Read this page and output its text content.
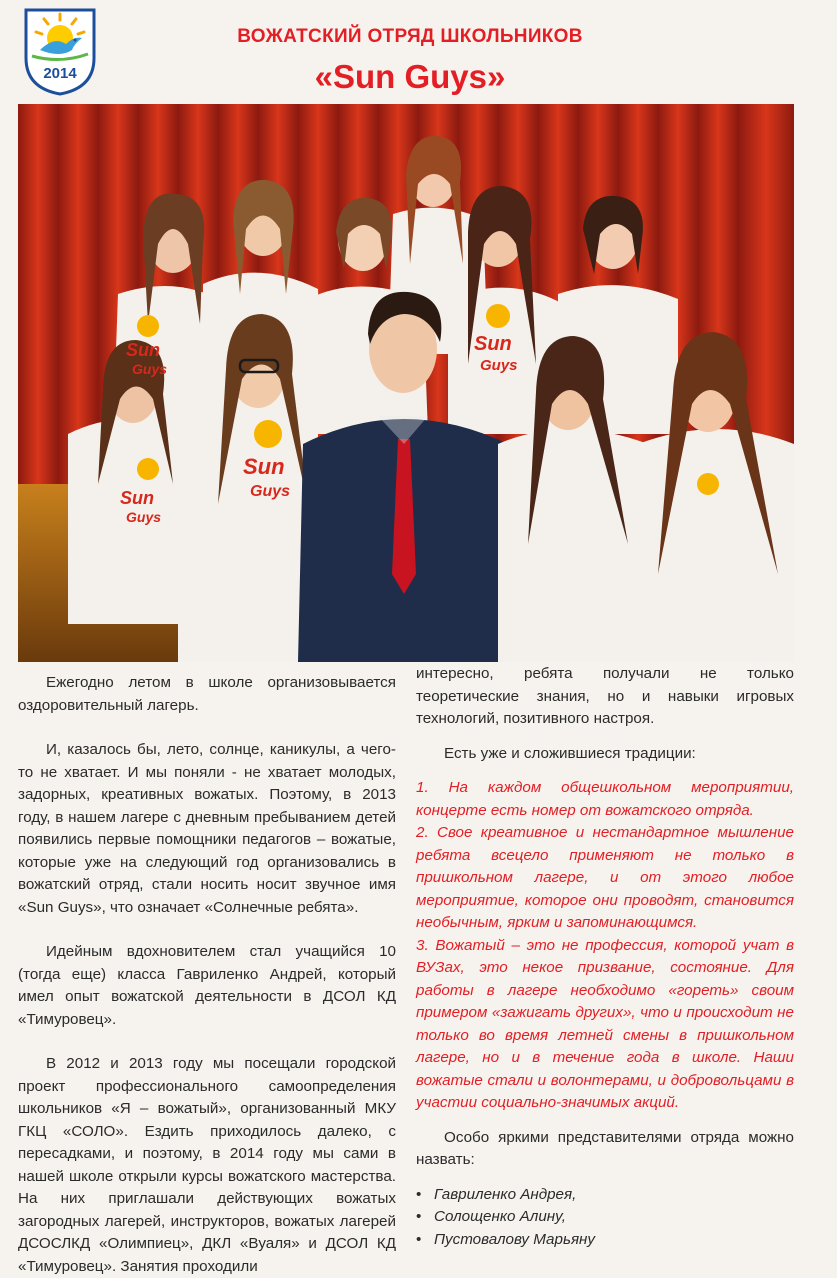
2014
ВОЖАТСКИЙ ОТРЯД ШКОЛЬНИКОВ
«Sun Guys»
Sun
Guys
Sun
Guys
Sun
Guys
Sun
Guys

Ежегодно летом в школе организовывается оздоровительный лагерь.

И, казалось бы, лето, солнце, каникулы, а чего-то не хватает. И мы поняли - не хватает молодых, задорных, креативных вожатых. Поэтому, в 2013 году, в нашем лагере с дневным пребыванием детей появились первые помощники педагогов – вожатые, которые уже на следующий год организовались в вожатский отряд, стали носить носит звучное имя «Sun Guys», что означает «Солнечные ребята».

Идейным вдохновителем стал учащийся 10 (тогда еще) класса Гавриленко Андрей, который имел опыт вожатской деятельности в ДСОЛ КД «Тимуровец».

В 2012 и 2013 году мы посещали городской проект профессионального самоопределения школьников «Я – вожатый», организованный МКУ ГКЦ «СОЛО». Ездить приходилось далеко, с пересадками, и поэтому, в 2014 году мы сами в нашей школе открыли курсы вожатского мастерства. На них приглашали действующих вожатых загородных лагерей, инструкторов, вожатых лагерей ДСОСЛКД «Олимпиец», ДКЛ «Вуаля» и ДСОЛ КД «Тимуровец». Занятия проходили

интересно, ребята получали не только теоретические знания, но и навыки игровых технологий, позитивного настроя.

Есть уже и сложившиеся традиции:

1. На каждом общешкольном мероприятии, концерте есть номер от вожатского отряда.

2. Свое креативное и нестандартное мышление ребята всецело применяют не только в пришкольном лагере, и от этого любое мероприятие, которое они проводят, становится необычным, ярким и запоминающимся.

3. Вожатый – это не профессия, которой учат в ВУЗах, это некое призвание, состояние. Для работы в лагере необходимо «гореть» своим примером «зажигать других», что и происходит не только во время летней смены в пришкольном лагере, но и в течение года в школе. Наши вожатые стали и волонтерами, и добровольцами в участии социально-значимых акций.

Особо яркими представителями отряда можно назвать:

• Гавриленко Андрея,

• Солощенко Алину,

• Пустовалову Марьяну
